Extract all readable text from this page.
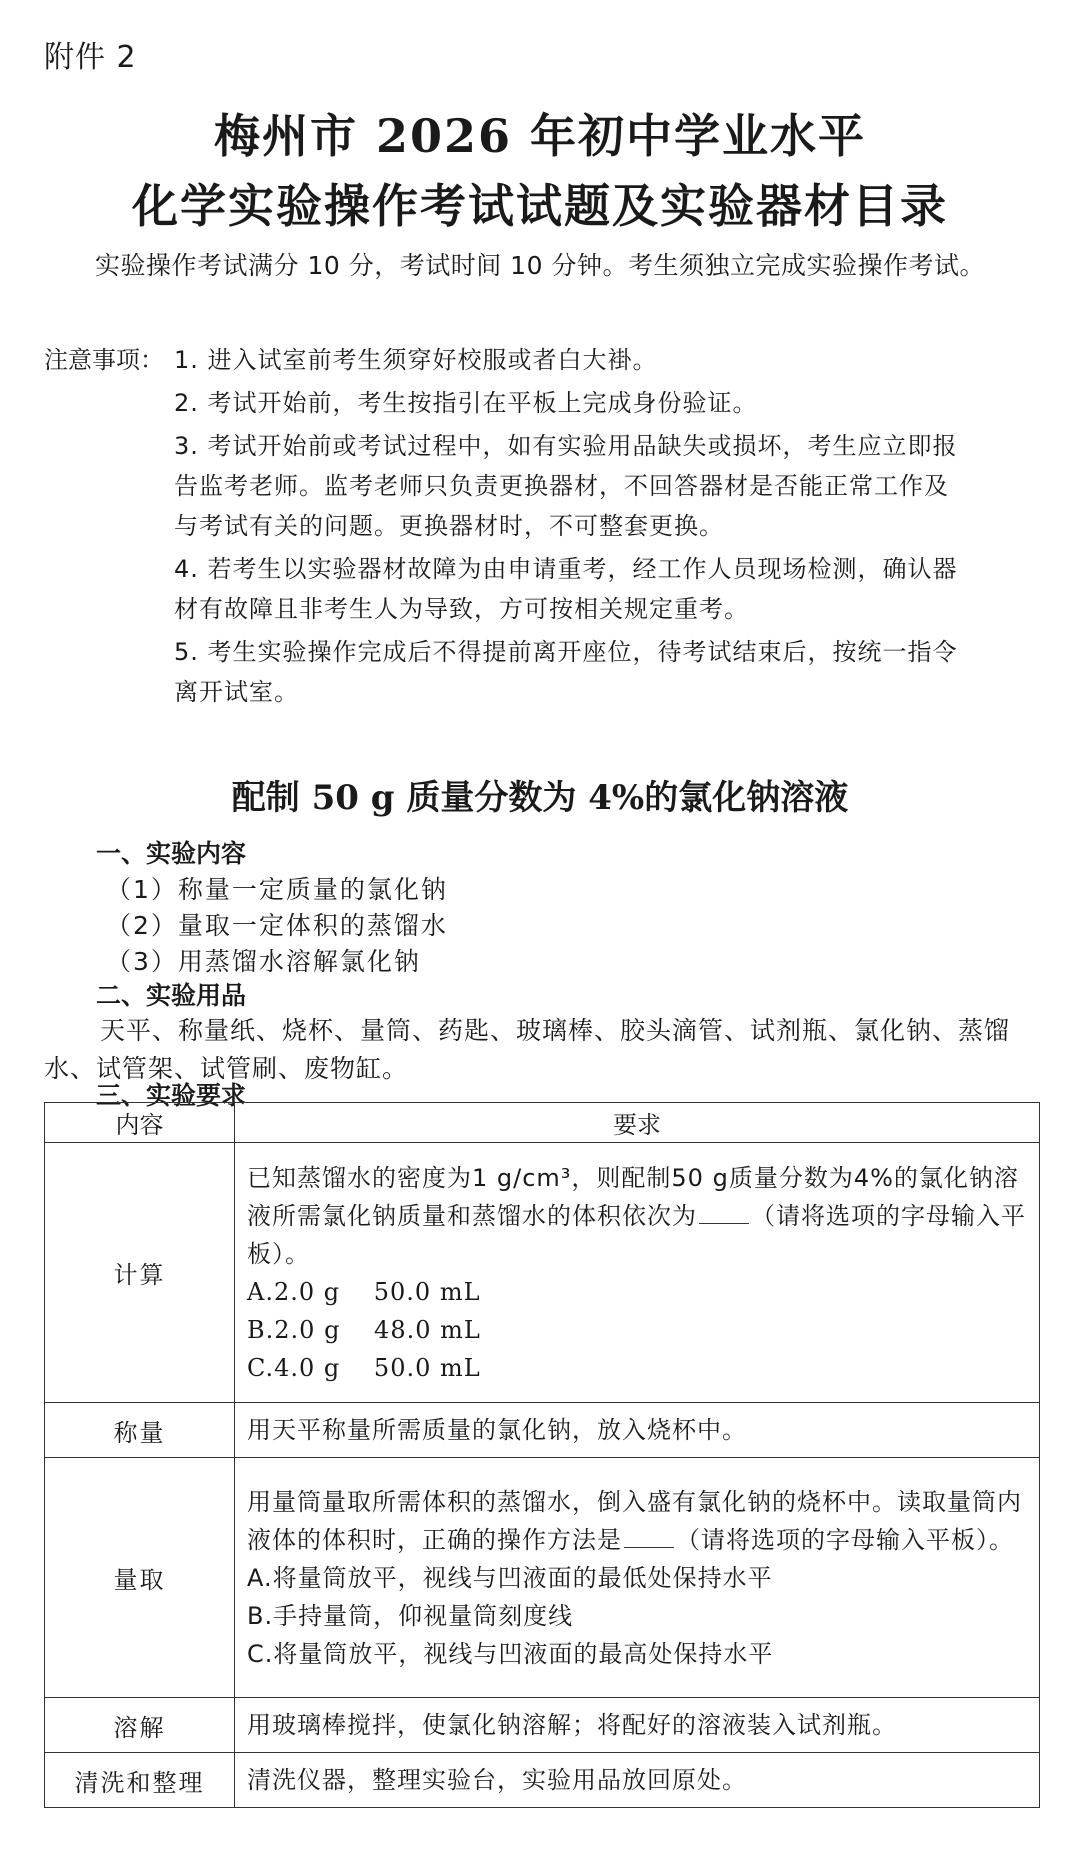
附件 2
梅州市 2026 年初中学业水平
化学实验操作考试试题及实验器材目录
实验操作考试满分 10 分，考试时间 10 分钟。考生须独立完成实验操作考试。
注意事项： 1. 进入试室前考生须穿好校服或者白大褂。
2. 考试开始前，考生按指引在平板上完成身份验证。
3. 考试开始前或考试过程中，如有实验用品缺失或损坏，考生应立即报
告监考老师。监考老师只负责更换器材，不回答器材是否能正常工作及
与考试有关的问题。更换器材时，不可整套更换。
4. 若考生以实验器材故障为由申请重考，经工作人员现场检测，确认器
材有故障且非考生人为导致，方可按相关规定重考。
5. 考生实验操作完成后不得提前离开座位，待考试结束后，按统一指令
离开试室。
配制 50 g 质量分数为 4%的氯化钠溶液
一、实验内容
（1）称量一定质量的氯化钠
（2）量取一定体积的蒸馏水
（3）用蒸馏水溶解氯化钠
二、实验用品
天平、称量纸、烧杯、量筒、药匙、玻璃棒、胶头滴管、试剂瓶、氯化钠、蒸馏水、试管架、试管刷、废物缸。
三、实验要求
内容	要求
计算	已知蒸馏水的密度为1 g/cm³，则配制50 g质量分数为4%的氯化钠溶液所需氯化钠质量和蒸馏水的体积依次为 （请将选项的字母输入平板）。
A.2.0 g　 50.0 mL
B.2.0 g　 48.0 mL
C.4.0 g　 50.0 mL

称量	用天平称量所需质量的氯化钠，放入烧杯中。
量取	用量筒量取所需体积的蒸馏水，倒入盛有氯化钠的烧杯中。读取量筒内液体的体积时，正确的操作方法是 （请将选项的字母输入平板）。
A.将量筒放平，视线与凹液面的最低处保持水平
B.手持量筒，仰视量筒刻度线
C.将量筒放平，视线与凹液面的最高处保持水平

溶解	用玻璃棒搅拌，使氯化钠溶解；将配好的溶液装入试剂瓶。
清洗和整理	清洗仪器，整理实验台，实验用品放回原处。
